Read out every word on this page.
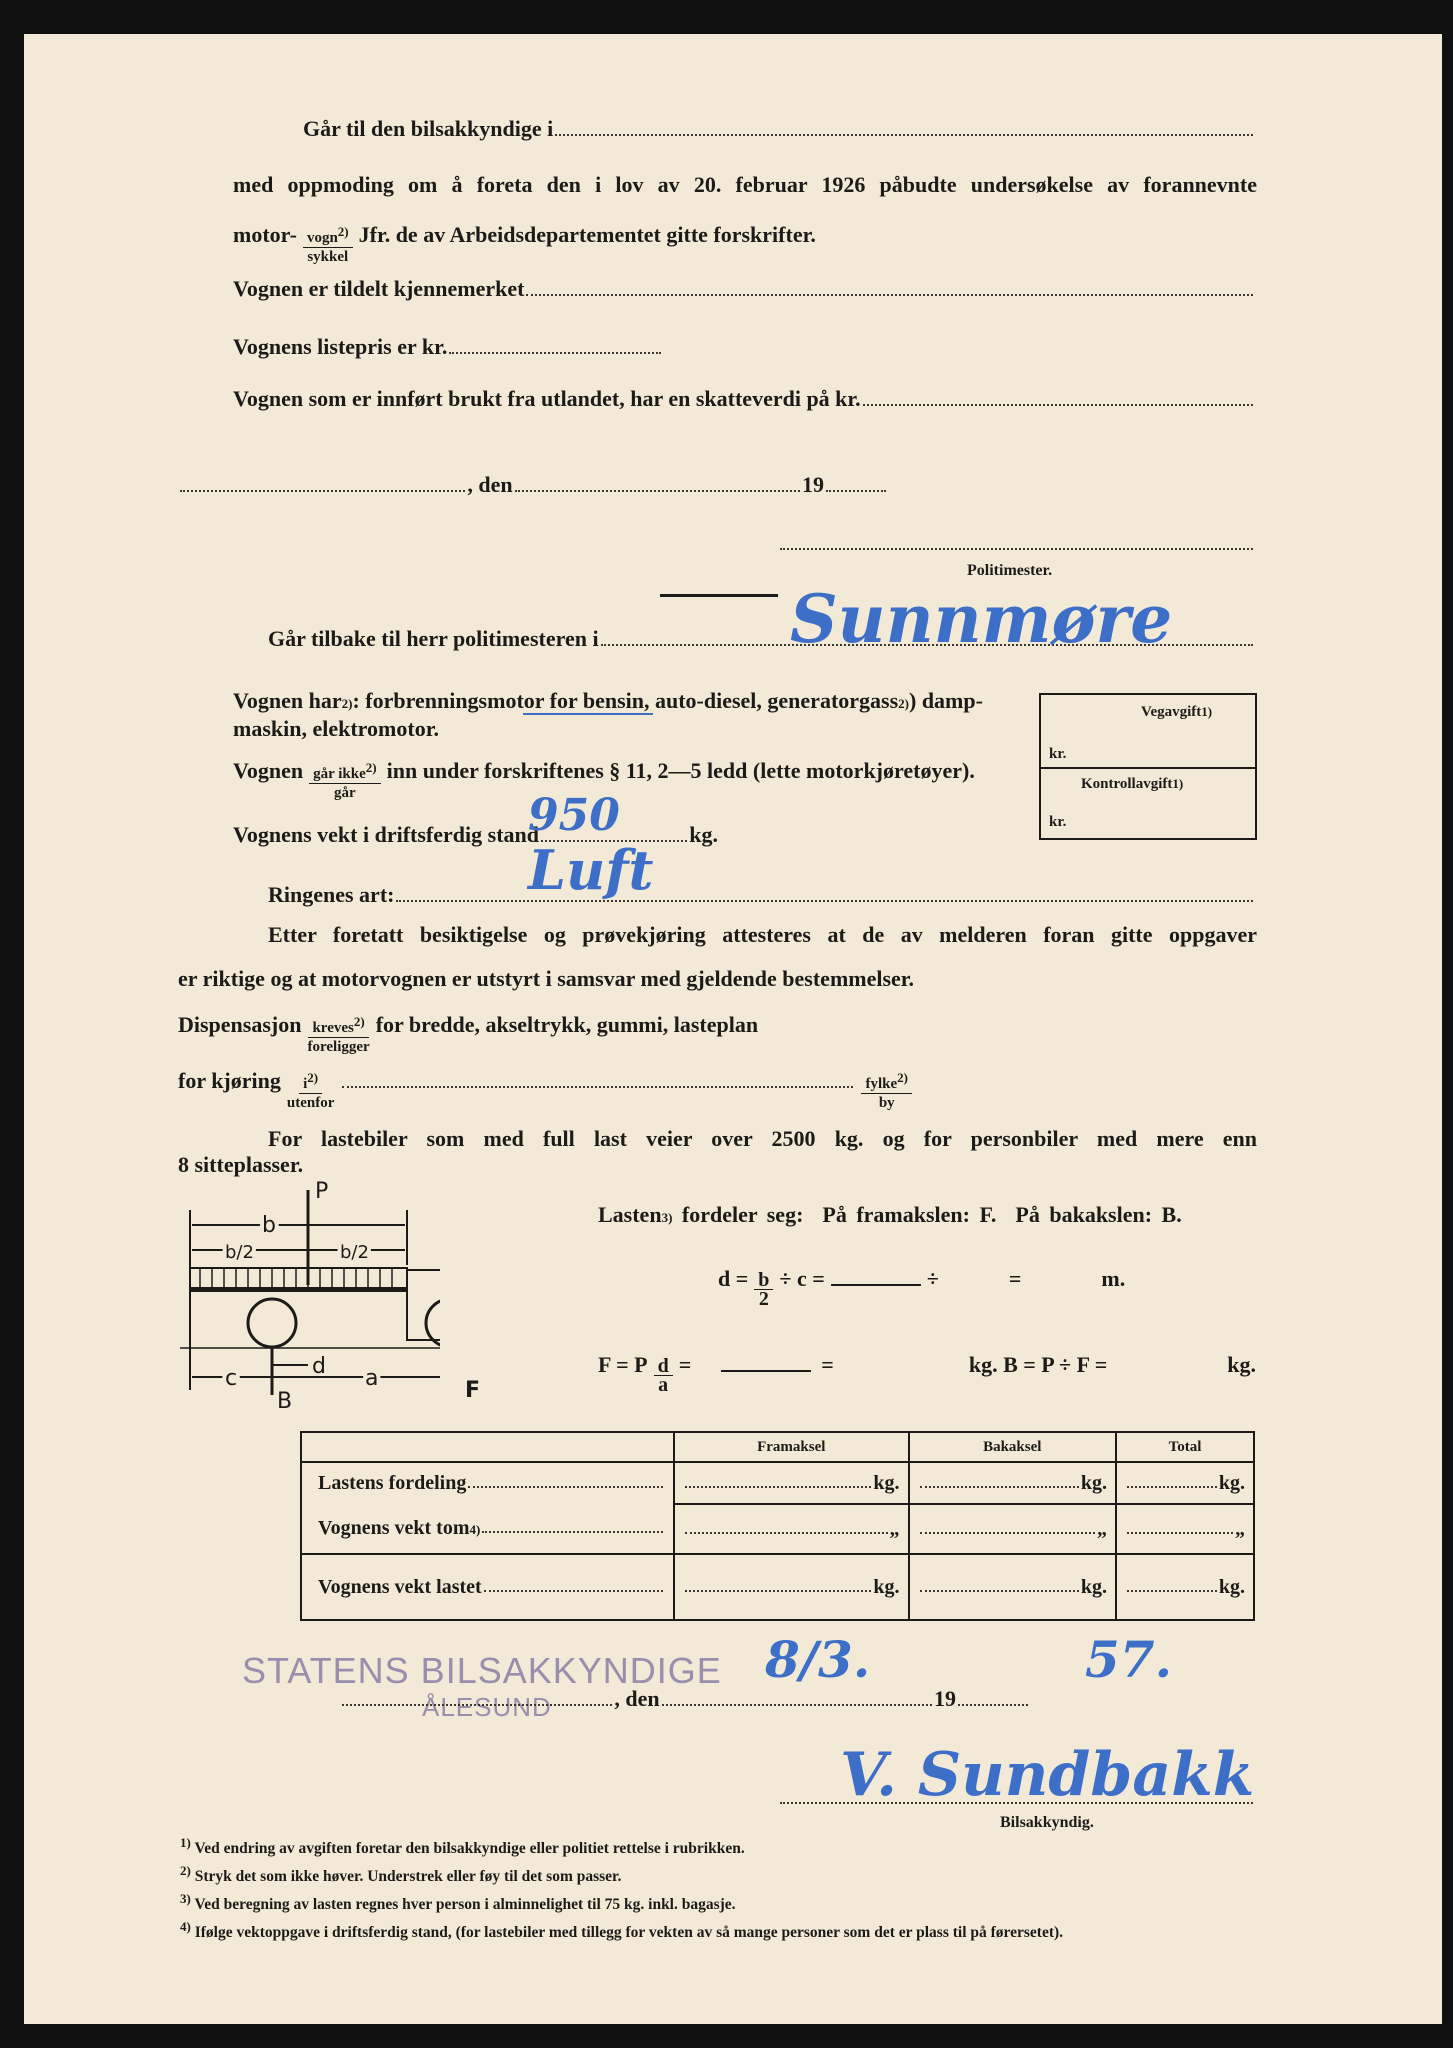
Går til den bilsakkyndige i
med oppmoding om å foreta den i lov av 20. februar 1926 påbudte undersøkelse av forannevnte
motor- $\frac{vogn^{2)}}{\text{sykkel}}$ Jfr. de av Arbeidsdepartementet gitte forskrifter.
Vognen er tildelt kjennemerket
Vognens listepris er kr.
Vognen som er innført brukt fra utlandet, har en skatteverdi på kr.
, den	19
Politimester.
Går tilbake til herr politimesteren i	Sunnmøre
Vognen har 2) : forbrenningsmotor for bensin, auto-diesel, generatorgass 2) ) damp-
maskin, elektromotor.
Vegavgift 1)
kr.
Kontrollavgift 1)
kr.
Vognen $\frac{går ikke^{2)}}{\text{går}}$ inn under forskriftenes § 11, 2—5 ledd (lette motorkjøretøyer).
Vognens vekt i driftsferdig stand	kg.
950
Ringenes art: Luft
Etter foretatt besiktigelse og prøvekjøring attesteres at de av melderen foran gitte oppgaver
er riktige og at motorvognen er utstyrt i samsvar med gjeldende bestemmelser.
Dispensasjon $\frac{kreves^{2)}}{\text{foreligger}}$ for bredde, akseltrykk, gummi, lasteplan
for kjøring $\frac{i^{2)}}{\text{utenfor}}$	$\frac{fylke^{2)}}{by}$
For lastebiler som med full last veier over 2500 kg. og for personbiler med mere enn
8 sitteplasser.
P
b
b/2	b/2
d
c	a
B	F
Lasten 3) fordeler seg:  På framakslen: F.  På bakakslen: B.
$d = \frac{b}{2} \div c$ =	÷	=	m.
F = P $\frac{d}{a}$ =	=	kg. B = P ÷ F =	kg.
	Framaksel	Bakaksel	Total

Lastens fordeling	kg.	kg.	kg.

Vognens vekt tom 4)	„	„	„

Vognens vekt lastet	kg.	kg.	kg.
STATENS BILSAKKYNDIGE
ÅLESUND	, den	19
8/3.	57.
V. Sundbakk
Bilsakkyndig.
$^{1)}$ Ved endring av avgiften foretar den bilsakkyndige eller politiet rettelse i rubrikken.
$^{2)}$ Stryk det som ikke høver. Understrek eller føy til det som passer.
$^{3)}$ Ved beregning av lasten regnes hver person i alminnelighet til 75 kg. inkl. bagasje.
$^{4)}$ Ifølge vektoppgave i driftsferdig stand, (for lastebiler med tillegg for vekten av så mange personer som det er plass til på førersetet).
